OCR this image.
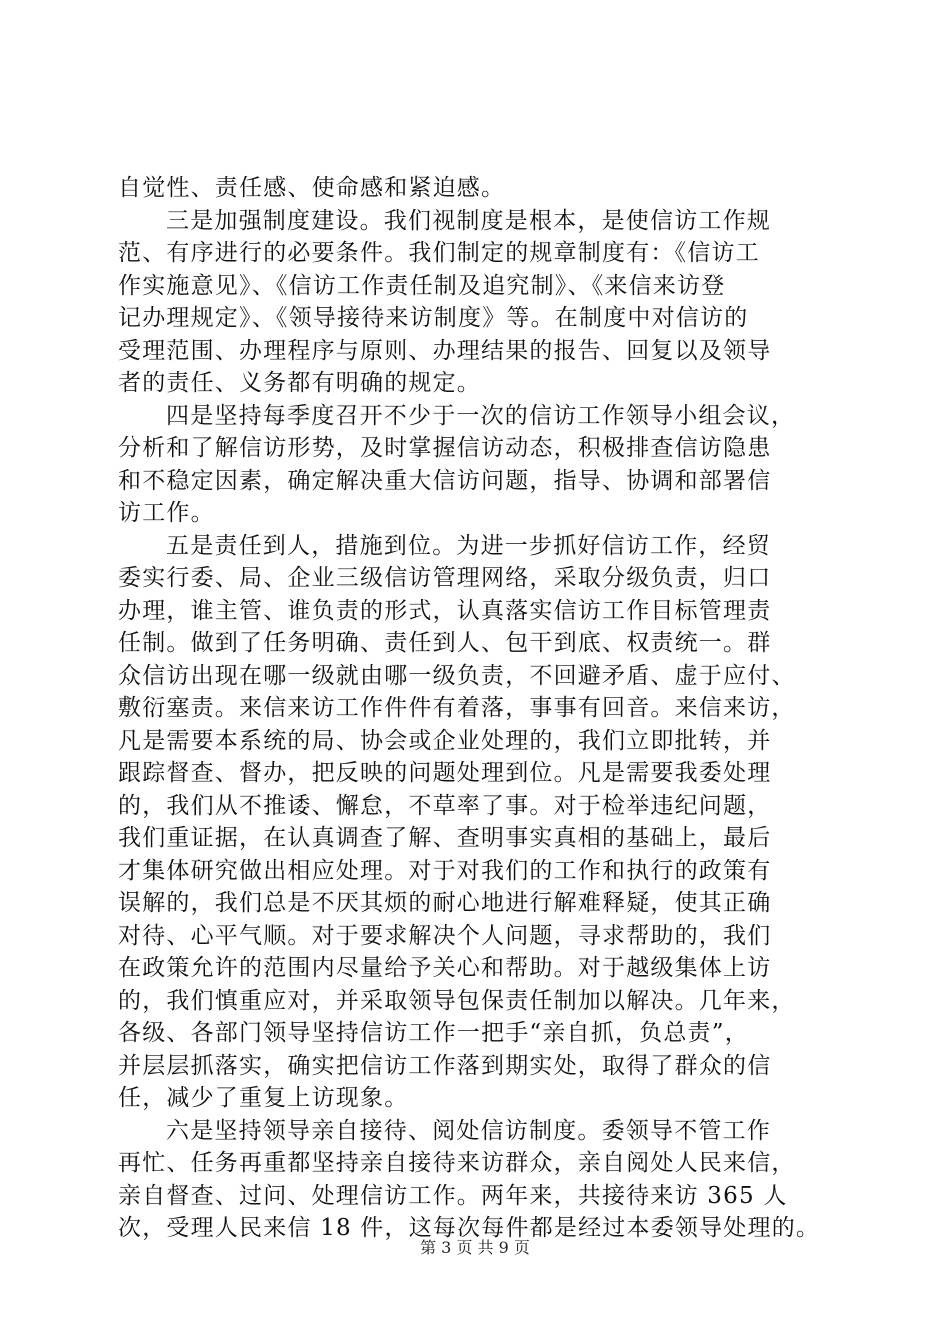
自觉性、责任感、使命感和紧迫感。
三是加强制度建设。我们视制度是根本，是使信访工作规
范、有序进行的必要条件。我们制定的规章制度有：《信访工
作实施意见》、《信访工作责任制及追究制》、《来信来访登
记办理规定》、《领导接待来访制度》等。在制度中对信访的
受理范围、办理程序与原则、办理结果的报告、回复以及领导
者的责任、义务都有明确的规定。
四是坚持每季度召开不少于一次的信访工作领导小组会议，
分析和了解信访形势，及时掌握信访动态，积极排查信访隐患
和不稳定因素，确定解决重大信访问题，指导、协调和部署信
访工作。
五是责任到人，措施到位。为进一步抓好信访工作，经贸
委实行委、局、企业三级信访管理网络，采取分级负责，归口
办理，谁主管、谁负责的形式，认真落实信访工作目标管理责
任制。做到了任务明确、责任到人、包干到底、权责统一。群
众信访出现在哪一级就由哪一级负责，不回避矛盾、虚于应付、
敷衍塞责。来信来访工作件件有着落，事事有回音。来信来访，
凡是需要本系统的局、协会或企业处理的，我们立即批转，并
跟踪督查、督办，把反映的问题处理到位。凡是需要我委处理
的，我们从不推诿、懈怠，不草率了事。对于检举违纪问题，
我们重证据，在认真调查了解、查明事实真相的基础上，最后
才集体研究做出相应处理。对于对我们的工作和执行的政策有
误解的，我们总是不厌其烦的耐心地进行解难释疑，使其正确
对待、心平气顺。对于要求解决个人问题，寻求帮助的，我们
在政策允许的范围内尽量给予关心和帮助。对于越级集体上访
的，我们慎重应对，并采取领导包保责任制加以解决。几年来，
各级、各部门领导坚持信访工作一把手“亲自抓，负总责”，
并层层抓落实，确实把信访工作落到期实处，取得了群众的信
任，减少了重复上访现象。
六是坚持领导亲自接待、阅处信访制度。委领导不管工作
再忙、任务再重都坚持亲自接待来访群众，亲自阅处人民来信，
亲自督查、过问、处理信访工作。两年来，共接待来访 365 人
次，受理人民来信 18 件，这每次每件都是经过本委领导处理的。
第 3 页 共 9 页
